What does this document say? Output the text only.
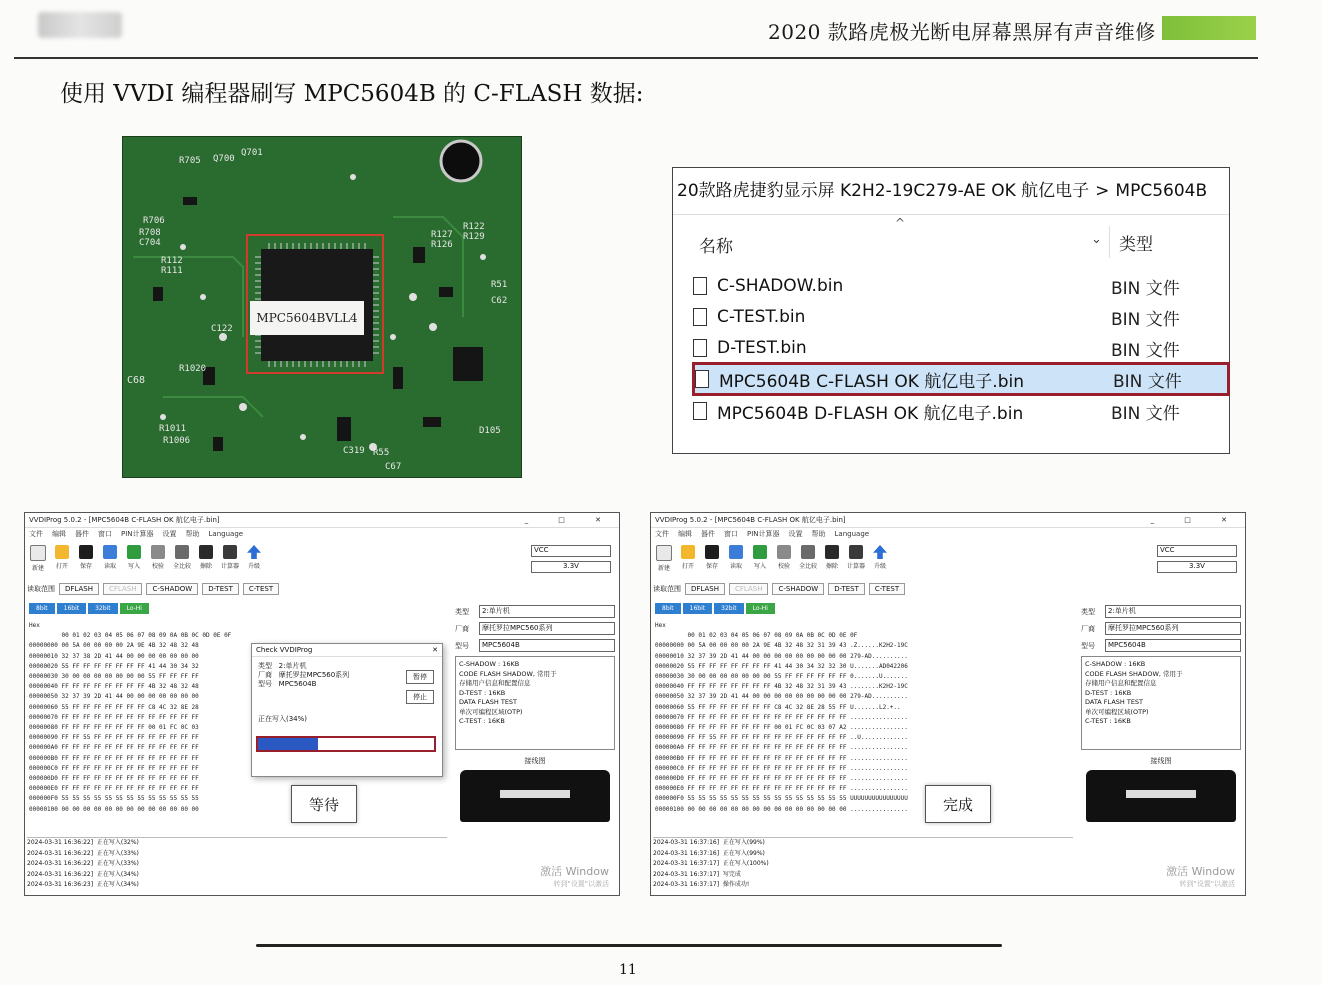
2020 款路虎极光断电屏幕黑屏有声音维修
使用 VVDI 编程器刷写 MPC5604B 的 C-FLASH 数据:
R705 Q700
Q701
R706
R708
C704
R112
R111
C68
R1020
R1011
R1006
C319 R55
C67
R51
C62
R127
R126
R122
R129
C122
D105
MPC5604BVLL4
20款路虎捷豹显示屏 K2H2-19C279-AE OK 航亿电子 > MPC5604B
^
名称	⌄ 类型
C-SHADOW.bin	BIN 文件
C-TEST.bin	BIN 文件
D-TEST.bin	BIN 文件
MPC5604B C-FLASH OK 航亿电子.bin	BIN 文件
MPC5604B D-FLASH OK 航亿电子.bin	BIN 文件
VVDIProg 5.0.2 - [MPC5604B C-FLASH OK 航亿电子.bin]	_ □ ✕
文件 编辑 器件 窗口 PIN计算器 设置 帮助 Language
新建 打开 保存 读取 写入 校验 全比较 擦除 计算器 升级
VCC
3.3V
读取范围	DFLASH	CFLASH	C-SHADOW	D-TEST	C-TEST
8bit	16bit	32bit	Lo-Hi
Hex
00 01 02 03 04 05 06 07 08 09 0A 0B 0C 0D 0E 0F
00000000 00 5A 00 00 00 00 2A 9E 4B 32 48 32 48
00000010 32 37 38 2D 41 44 00 00 00 00 00 00 00
00000020 55 FF FF FF FF FF FF FF 41 44 30 34 32
00000030 30 00 00 00 00 00 00 00 55 FF FF FF FF
00000040 FF FF FF FF FF FF FF FF 4B 32 48 32 48
00000050 32 37 39 2D 41 44 00 00 00 00 00 00 00
00000060 55 FF FF FF FF FF FF FF C8 4C 32 8E 28
00000070 FF FF FF FF FF FF FF FF FF FF FF FF FF
00000080 FF FF FF FF FF FF FF FF 00 01 FC 0C 03
00000090 FF FF 55 FF FF FF FF FF FF FF FF FF FF
000000A0 FF FF FF FF FF FF FF FF FF FF FF FF FF
000000B0 FF FF FF FF FF FF FF FF FF FF FF FF FF
000000C0 FF FF FF FF FF FF FF FF FF FF FF FF FF
000000D0 FF FF FF FF FF FF FF FF FF FF FF FF FF
000000E0 FF FF FF FF FF FF FF FF FF FF FF FF FF
000000F0 55 55 55 55 55 55 55 55 55 55 55 55 55
00000100 00 00 00 00 00 00 00 00 00 00 00 00 00
类型	2:单片机
厂商	摩托罗拉MPC560系列
型号	MPC5604B
C-SHADOW : 16KB
CODE FLASH SHADOW, 常用于
存储用户信息和配置信息
D-TEST : 16KB
DATA FLASH TEST
单次可编程区域(OTP)
C-TEST : 16KB
接线图
2024-03-31 16:36:22]  正在写入(32%)
2024-03-31 16:36:22]  正在写入(33%)
2024-03-31 16:36:22]  正在写入(33%)
2024-03-31 16:36:22]  正在写入(34%)
2024-03-31 16:36:23]  正在写入(34%)
激活 Window
转到"设置"以激活
等待
Check VVDIProg	✕
类型   2:单片机
厂商   摩托罗拉MPC560系列
型号   MPC5604B
暂停
停止
正在写入(34%)
VVDIProg 5.0.2 - [MPC5604B C-FLASH OK 航亿电子.bin]	_ □ ✕
文件 编辑 器件 窗口 PIN计算器 设置 帮助 Language
新建 打开 保存 读取 写入 校验 全比较 擦除 计算器 升级
VCC
3.3V
读取范围	DFLASH	CFLASH	C-SHADOW	D-TEST	C-TEST
8bit	16bit	32bit	Lo-Hi
Hex
00 01 02 03 04 05 06 07 08 09 0A 0B 0C 0D 0E 0F
00000000 00 5A 00 00 00 00 2A 9E 4B 32 48 32 31 39 43 .Z......K2H2-19C
00000010 32 37 39 2D 41 44 00 00 00 00 00 00 00 00 00 279-AD..........
00000020 55 FF FF FF FF FF FF FF 41 44 30 34 32 32 30 U.......AD042206
00000030 30 00 00 00 00 00 00 00 55 FF FF FF FF FF FF 0.......U.......
00000040 FF FF FF FF FF FF FF FF 4B 32 48 32 31 39 43 ........K2H2-19C
00000050 32 37 39 2D 41 44 00 00 00 00 00 00 00 00 00 279-AD..........
00000060 55 FF FF FF FF FF FF FF C8 4C 32 8E 28 55 FF U.......L2.+..
00000070 FF FF FF FF FF FF FF FF FF FF FF FF FF FF FF ................
00000080 FF FF FF FF FF FF FF FF 00 01 FC 0C 03 07 A2 ................
00000090 FF FF 55 FF FF FF FF FF FF FF FF FF FF FF FF ..U.............
000000A0 FF FF FF FF FF FF FF FF FF FF FF FF FF FF FF ................
000000B0 FF FF FF FF FF FF FF FF FF FF FF FF FF FF FF ................
000000C0 FF FF FF FF FF FF FF FF FF FF FF FF FF FF FF ................
000000D0 FF FF FF FF FF FF FF FF FF FF FF FF FF FF FF ................
000000E0 FF FF FF FF FF FF FF FF FF FF FF FF FF FF FF ................
000000F0 55 55 55 55 55 55 55 55 55 55 55 55 55 55 55 UUUUUUUUUUUUUUUU
00000100 00 00 00 00 00 00 00 00 00 00 00 00 00 00 00 ................
类型	2:单片机
厂商	摩托罗拉MPC560系列
型号	MPC5604B
C-SHADOW : 16KB
CODE FLASH SHADOW, 常用于
存储用户信息和配置信息
D-TEST : 16KB
DATA FLASH TEST
单次可编程区域(OTP)
C-TEST : 16KB
接线图
2024-03-31 16:37:16]  正在写入(99%)
2024-03-31 16:37:16]  正在写入(99%)
2024-03-31 16:37:17]  正在写入(100%)
2024-03-31 16:37:17]  写完成
2024-03-31 16:37:17]  操作成功!
激活 Window
转到"设置"以激活
完成
11
